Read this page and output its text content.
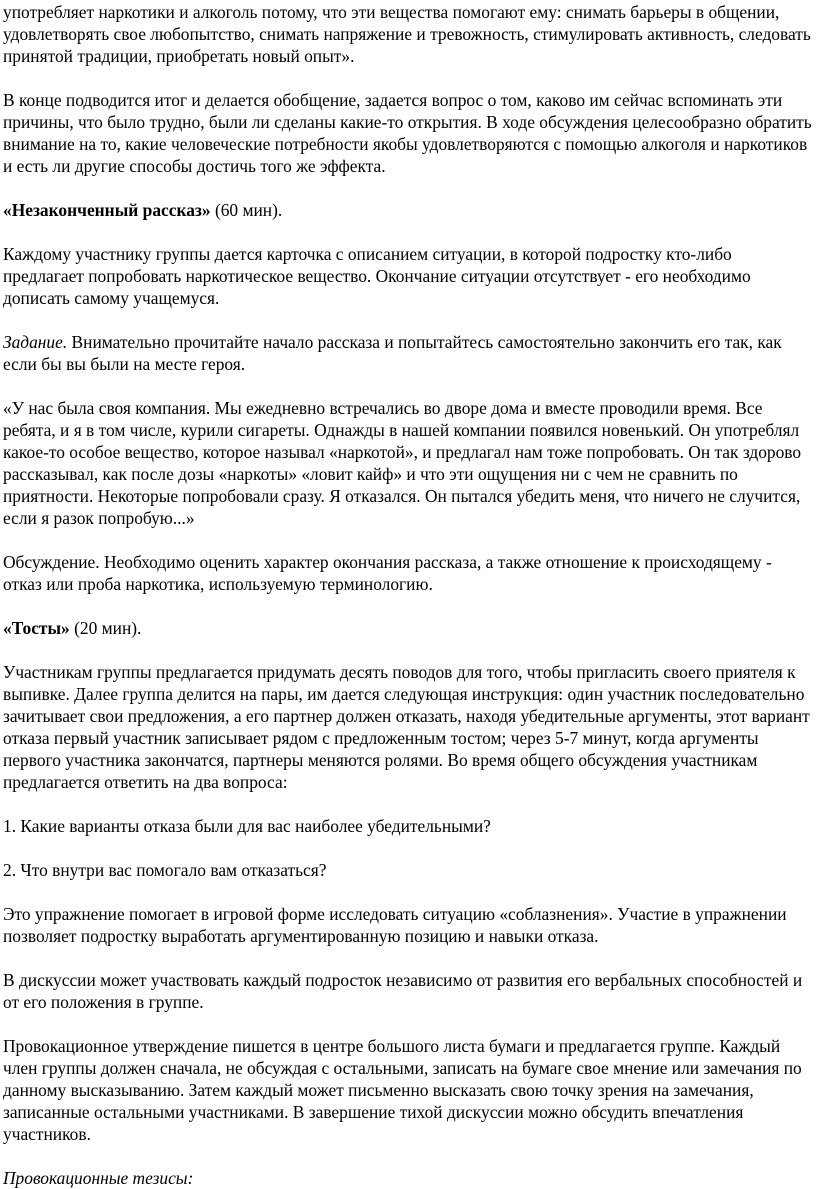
употребляет наркотики и алкоголь потому, что эти вещества помогают ему: снимать барьеры в общении, удовлетворять свое любопытство, снимать напряжение и тревожность, стимулировать активность, следовать принятой традиции, приобретать новый опыт».

В конце подводится итог и делается обобщение, задается вопрос о том, каково им сейчас вспоминать эти причины, что было трудно, были ли сделаны какие-то открытия. В ходе обсуждения целесообразно обратить внимание на то, какие человеческие потребности якобы удовлетворяются с помощью алкоголя и наркотиков и есть ли другие способы достичь того же эффекта.

«Незаконченный рассказ» (60 мин).

Каждому участнику группы дается карточка с описанием ситуации, в которой подростку кто-либо предлагает попробовать наркотическое вещество. Окончание ситуации отсутствует - его необходимо дописать самому учащемуся.

Задание. Внимательно прочитайте начало рассказа и попытайтесь самостоятельно закончить его так, как если бы вы были на месте героя.

«У нас была своя компания. Мы ежедневно встречались во дворе дома и вместе проводили время. Все ребята, и я в том числе, курили сигареты. Однажды в нашей компании появился новенький. Он употреблял какое-то особое вещество, которое называл «наркотой», и предлагал нам тоже попробовать. Он так здорово рассказывал, как после дозы «наркоты» «ловит кайф» и что эти ощущения ни с чем не сравнить по приятности. Некоторые попробовали сразу. Я отказался. Он пытался убедить меня, что ничего не случится, если я разок попробую...»

Обсуждение. Необходимо оценить характер окончания рассказа, а также отношение к происходящему - отказ или проба наркотика, используемую терминологию.

«Тосты» (20 мин).

Участникам группы предлагается придумать десять поводов для того, чтобы пригласить своего приятеля к выпивке. Далее группа делится на пары, им дается следующая инструкция: один участник последовательно зачитывает свои предложения, а его партнер должен отказать, находя убедительные аргументы, этот вариант отказа первый участник записывает рядом с предложенным тостом; через 5-7 минут, когда аргументы первого участника закончатся, партнеры меняются ролями. Во время общего обсуждения участникам предлагается ответить на два вопроса:

1. Какие варианты отказа были для вас наиболее убедительными?

2. Что внутри вас помогало вам отказаться?

Это упражнение помогает в игровой форме исследовать ситуацию «соблазнения». Участие в упражнении позволяет подростку выработать аргументированную позицию и навыки отказа.

В дискуссии может участвовать каждый подросток независимо от развития его вербальных способностей и от его положения в группе.

Провокационное утверждение пишется в центре большого листа бумаги и предлагается группе. Каждый член группы должен сначала, не обсуждая с остальными, записать на бумаге свое мнение или замечания по данному высказыванию. Затем каждый может письменно высказать свою точку зрения на замечания, записанные остальными участниками. В завершение тихой дискуссии можно обсудить впечатления участников.

Провокационные тезисы:
